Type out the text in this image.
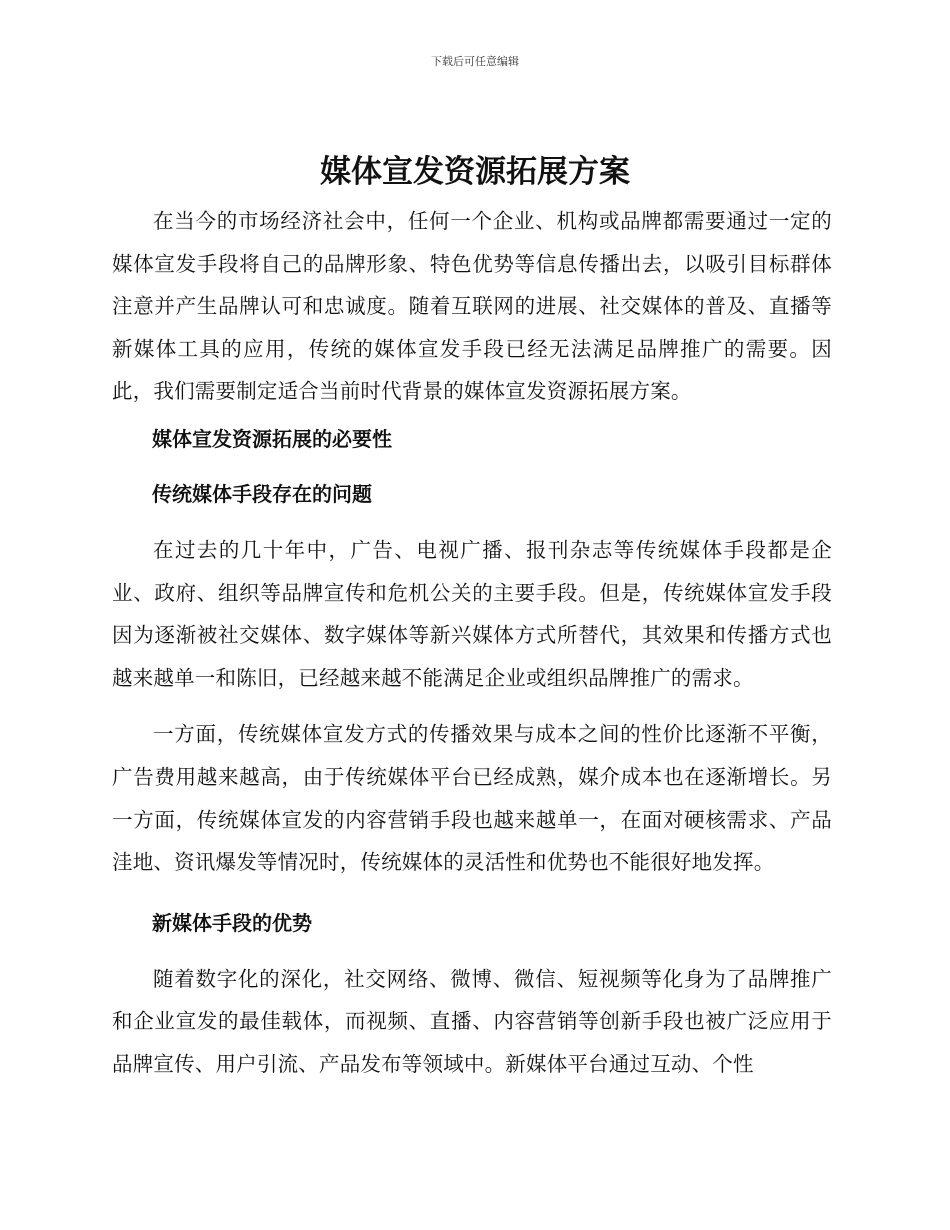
下载后可任意编辑
媒体宣发资源拓展方案

在当今的市场经济社会中，任何一个企业、机构或品牌都需要通过一定的媒体宣发手段将自己的品牌形象、特色优势等信息传播出去，以吸引目标群体注意并产生品牌认可和忠诚度。随着互联网的进展、社交媒体的普及、直播等新媒体工具的应用，传统的媒体宣发手段已经无法满足品牌推广的需要。因此，我们需要制定适合当前时代背景的媒体宣发资源拓展方案。

媒体宣发资源拓展的必要性

传统媒体手段存在的问题

在过去的几十年中，广告、电视广播、报刊杂志等传统媒体手段都是企业、政府、组织等品牌宣传和危机公关的主要手段。但是，传统媒体宣发手段因为逐渐被社交媒体、数字媒体等新兴媒体方式所替代，其效果和传播方式也越来越单一和陈旧，已经越来越不能满足企业或组织品牌推广的需求。

一方面，传统媒体宣发方式的传播效果与成本之间的性价比逐渐不平衡，广告费用越来越高，由于传统媒体平台已经成熟，媒介成本也在逐渐增长。另一方面，传统媒体宣发的内容营销手段也越来越单一，在面对硬核需求、产品洼地、资讯爆发等情况时，传统媒体的灵活性和优势也不能很好地发挥。

新媒体手段的优势

随着数字化的深化，社交网络、微博、微信、短视频等化身为了品牌推广和企业宣发的最佳载体，而视频、直播、内容营销等创新手段也被广泛应用于品牌宣传、用户引流、产品发布等领域中。新媒体平台通过互动、个性
